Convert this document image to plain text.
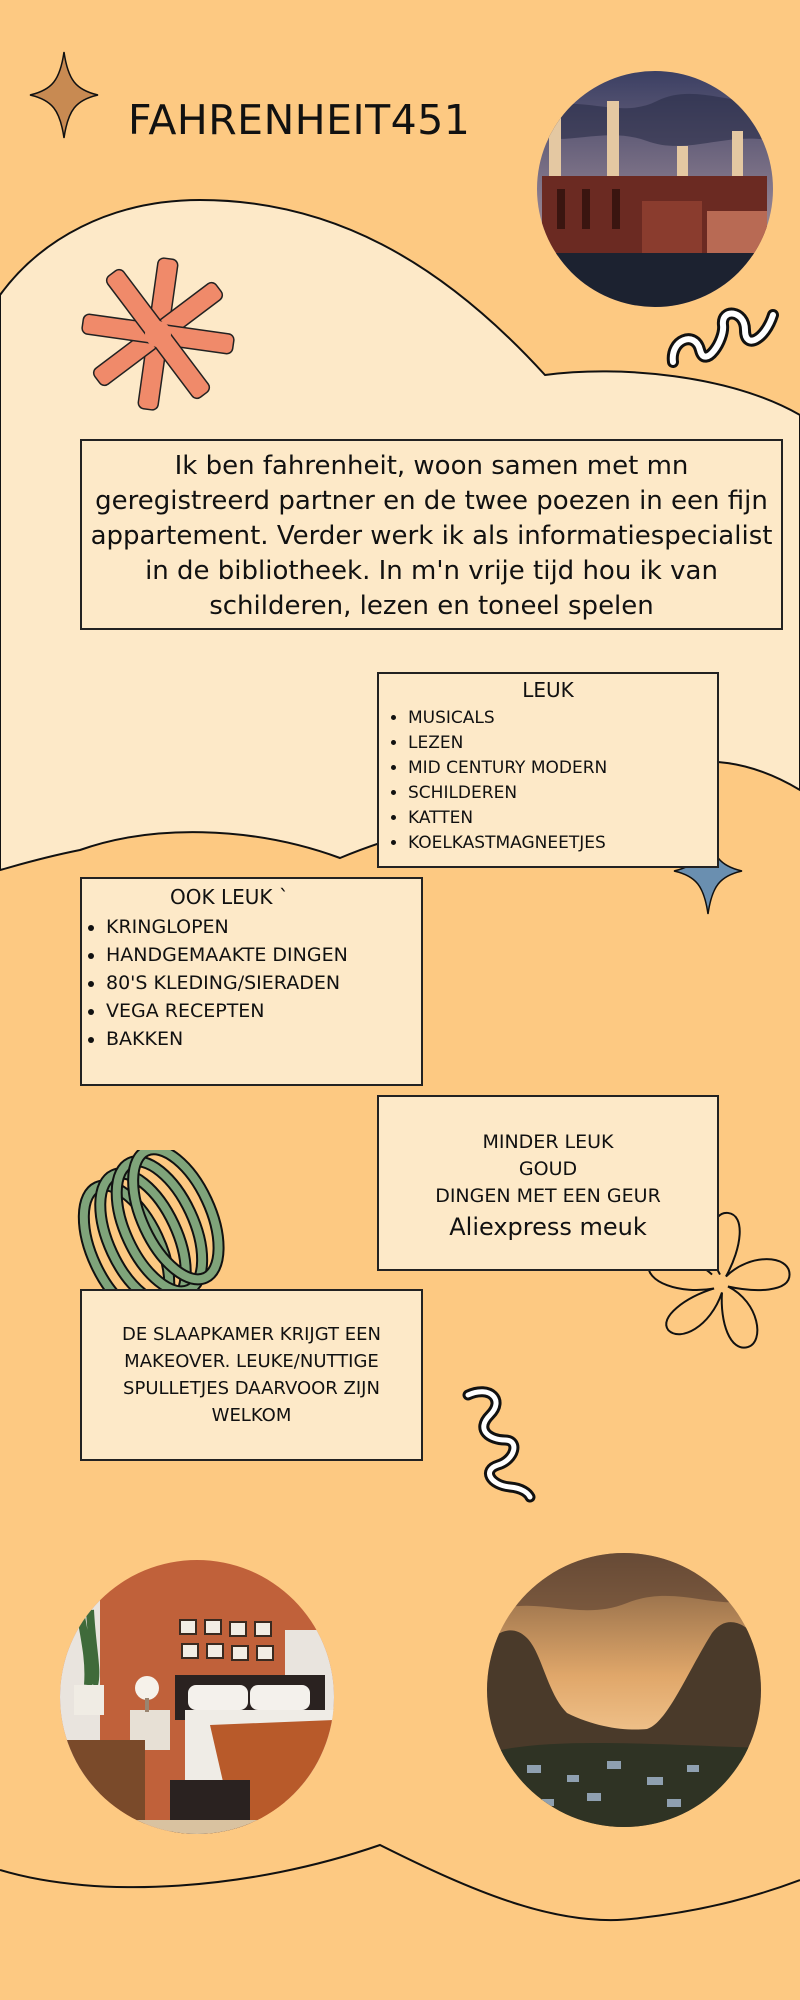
FAHRENHEIT451
Ik ben fahrenheit, woon samen met mn geregistreerd partner en de twee poezen in een fijn appartement. Verder werk ik als informatiespecialist in de bibliotheek. In m'n vrije tijd hou ik van schilderen, lezen en toneel spelen
LEUK
• MUSICALS
• LEZEN
• MID CENTURY MODERN
• SCHILDEREN
• KATTEN
• KOELKASTMAGNEETJES
OOK LEUK `
• KRINGLOPEN
• HANDGEMAAKTE DINGEN
• 80'S KLEDING/SIERADEN
• VEGA RECEPTEN
• BAKKEN
MINDER LEUK
GOUD
DINGEN MET EEN GEUR
Aliexpress meuk
DE SLAAPKAMER KRIJGT EEN MAKEOVER. LEUKE/NUTTIGE SPULLETJES DAARVOOR ZIJN WELKOM
